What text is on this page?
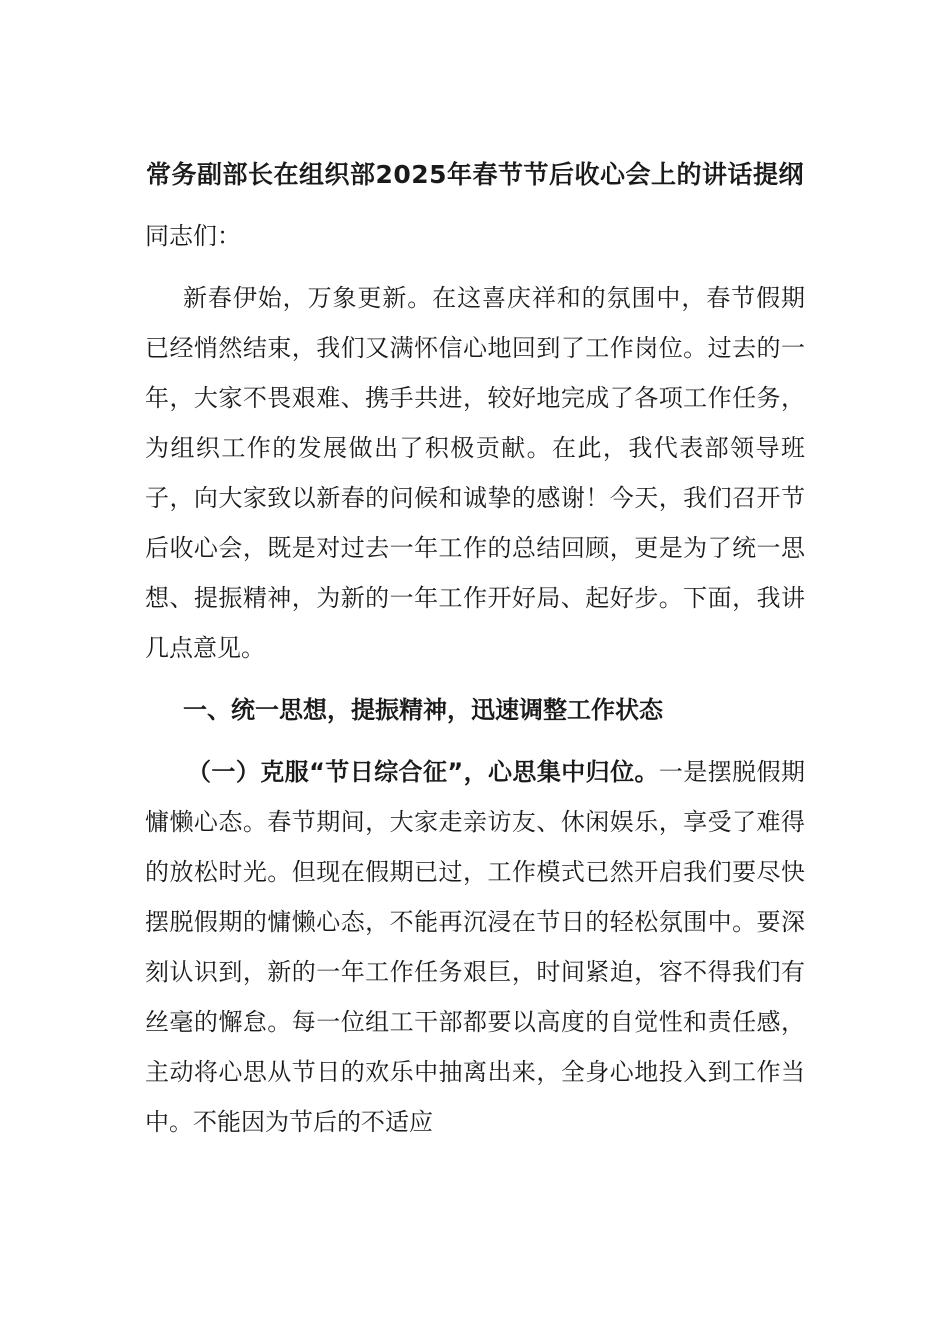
常务副部长在组织部2025年春节节后收心会上的讲话提纲
同志们：
新春伊始，万象更新。在这喜庆祥和的氛围中，春节假期已经悄然结束，我们又满怀信心地回到了工作岗位。过去的一年，大家不畏艰难、携手共进，较好地完成了各项工作任务，为组织工作的发展做出了积极贡献。在此，我代表部领导班子，向大家致以新春的问候和诚挚的感谢！今天，我们召开节后收心会，既是对过去一年工作的总结回顾，更是为了统一思想、提振精神，为新的一年工作开好局、起好步。下面，我讲几点意见。
一、统一思想，提振精神，迅速调整工作状态
（一）克服“节日综合征”，心思集中归位。一是摆脱假期慵懒心态。春节期间，大家走亲访友、休闲娱乐，享受了难得的放松时光。但现在假期已过，工作模式已然开启我们要尽快摆脱假期的慵懒心态，不能再沉浸在节日的轻松氛围中。要深刻认识到，新的一年工作任务艰巨，时间紧迫，容不得我们有丝毫的懈怠。每一位组工干部都要以高度的自觉性和责任感，主动将心思从节日的欢乐中抽离出来，全身心地投入到工作当中。不能因为节后的不适应
